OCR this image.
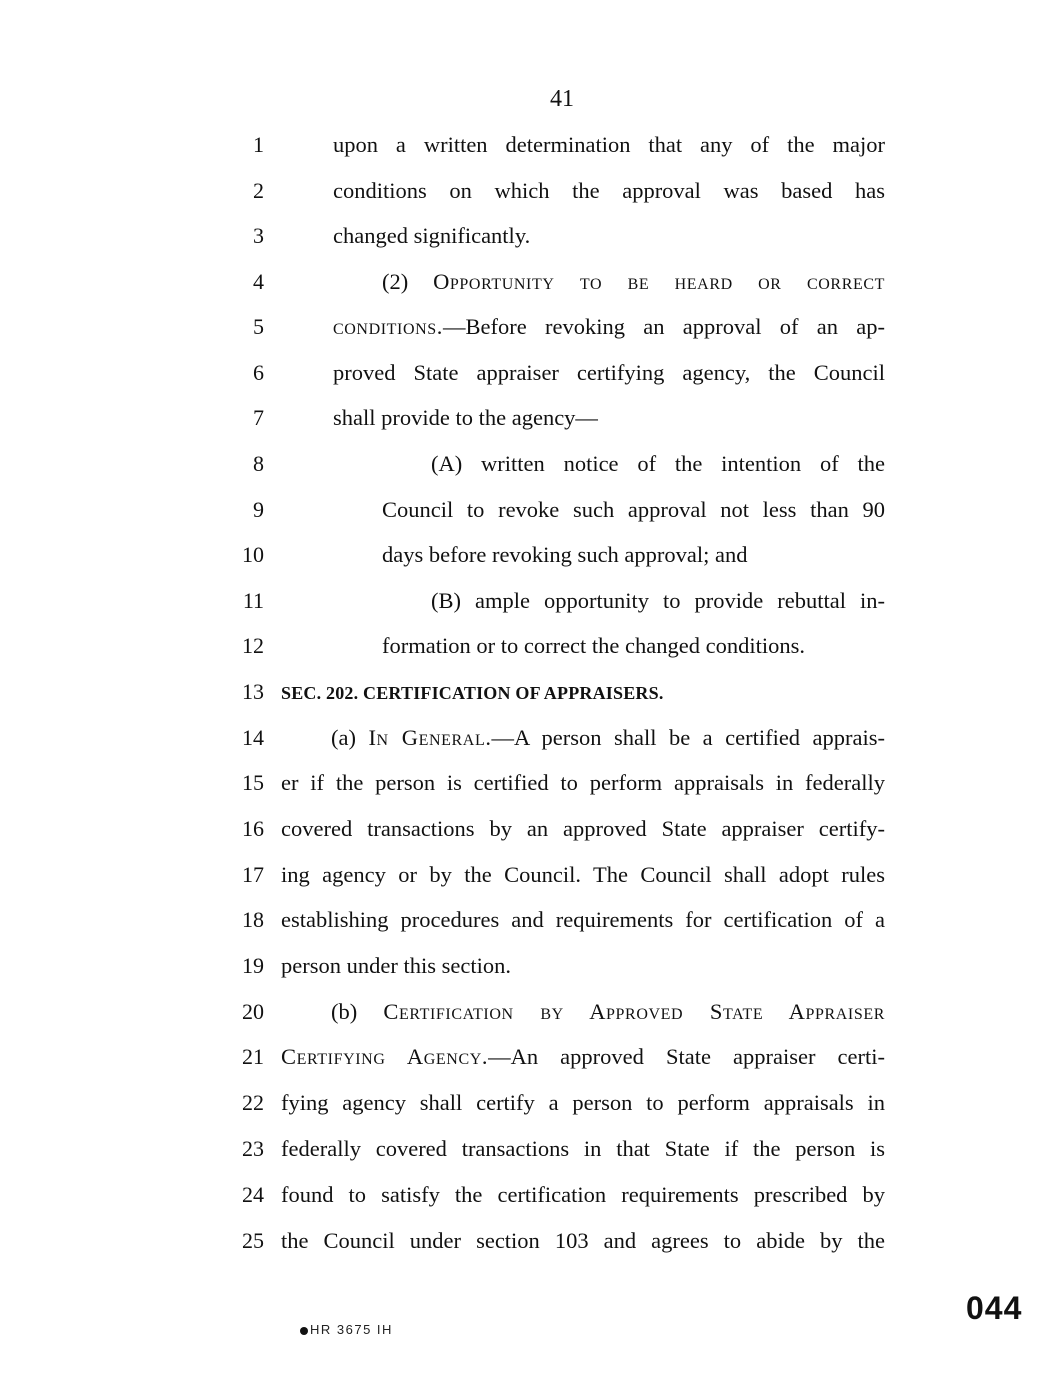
41
1
2
3
4
5
6
7
8
9
10
11
12
13
14
15
16
17
18
19
20
21
22
23
24
25
upon a written determination that any of the major
conditions on which the approval was based has
changed significantly.
(2) Opportunity to be heard or correct
conditions.—Before revoking an approval of an ap-
proved State appraiser certifying agency, the Council
shall provide to the agency—
(A) written notice of the intention of the
Council to revoke such approval not less than 90
days before revoking such approval; and
(B) ample opportunity to provide rebuttal in-
formation or to correct the changed conditions.
SEC. 202. CERTIFICATION OF APPRAISERS.
(a) In General.—A person shall be a certified apprais-
er if the person is certified to perform appraisals in federally
covered transactions by an approved State appraiser certify-
ing agency or by the Council. The Council shall adopt rules
establishing procedures and requirements for certification of a
person under this section.
(b) Certification by Approved State Appraiser
Certifying Agency.—An approved State appraiser certi-
fying agency shall certify a person to perform appraisals in
federally covered transactions in that State if the person is
found to satisfy the certification requirements prescribed by
the Council under section 103 and agrees to abide by the
HR 3675 IH
044
